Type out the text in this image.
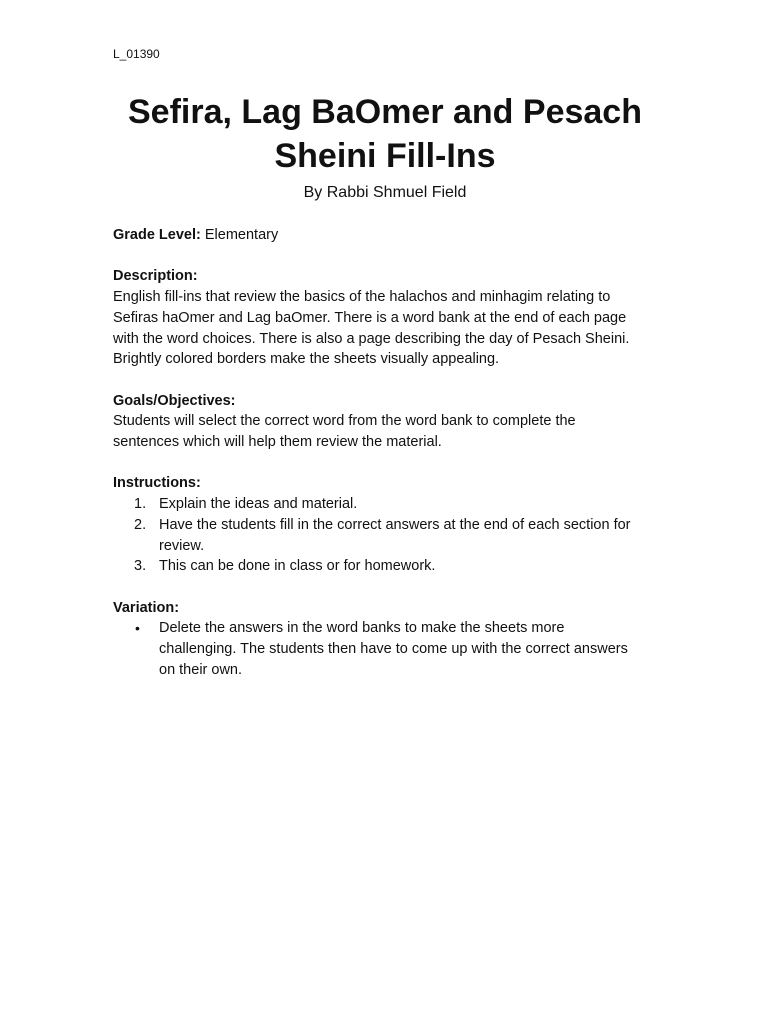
L_01390
Sefira, Lag BaOmer and Pesach
Sheini Fill-Ins
By Rabbi Shmuel Field
Grade Level: Elementary
Description:
English fill-ins that review the basics of the halachos and minhagim relating to
Sefiras haOmer and Lag baOmer. There is a word bank at the end of each page
with the word choices. There is also a page describing the day of Pesach Sheini.
Brightly colored borders make the sheets visually appealing.
Goals/Objectives:
Students will select the correct word from the word bank to complete the
sentences which will help them review the material.
Instructions:
1. Explain the ideas and material.
2. Have the students fill in the correct answers at the end of each section for
review.
3. This can be done in class or for homework.
Variation:
• Delete the answers in the word banks to make the sheets more
challenging. The students then have to come up with the correct answers
on their own.
